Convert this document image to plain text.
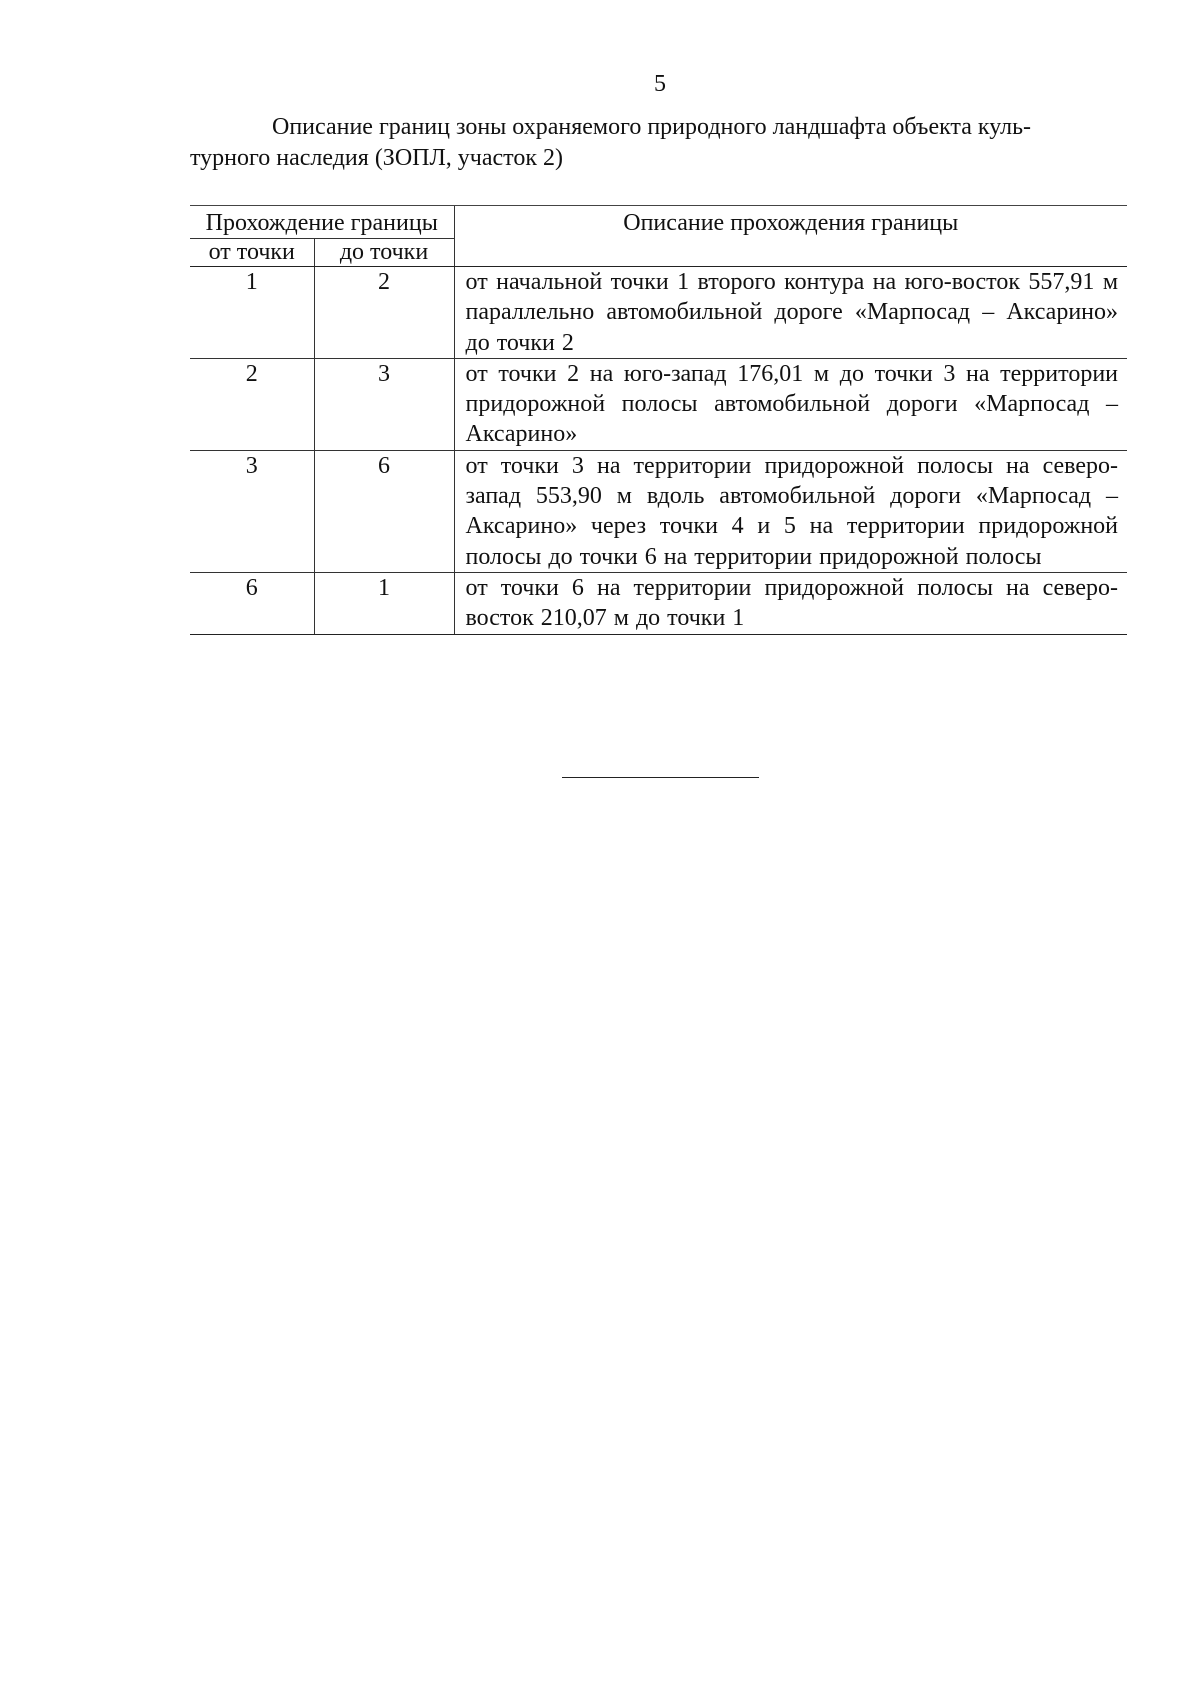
5

Описание границ зоны охраняемого природного ландшафта объекта куль-
турного наследия (ЗОПЛ, участок 2)

Прохождение границы		Описание прохождения границы
от точки	до точки	
1	2	от начальной точки 1 второго контура на юго-восток 557,91 м параллельно автомобильной дороге «Марпосад – Аксарино» до точки 2
2	3	от точки 2 на юго-запад 176,01 м до точки 3 на территории придорожной полосы автомобильной дороги «Марпосад – Аксарино»
3	6	от точки 3 на территории придорожной полосы на северо-запад 553,90 м вдоль автомобильной дороги «Марпосад – Аксарино» через точки 4 и 5 на территории придорожной полосы до точки 6 на территории придорожной полосы
6	1	от точки 6 на территории придорожной полосы на северо-восток 210,07 м до точки 1
